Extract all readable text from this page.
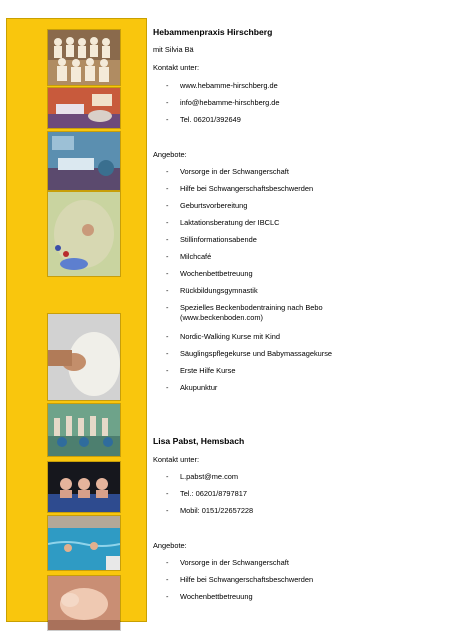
Hebammenpraxis Hirschberg
mit Silvia Bä
Kontakt unter:
- www.hebamme-hirschberg.de
- info@hebamme-hirschberg.de
- Tel. 06201/392649
Angebote:
- Vorsorge in der Schwangerschaft
- Hilfe bei Schwangerschaftsbeschwerden
- Geburtsvorbereitung
- Laktationsberatung der IBCLC
- Stillinformationsabende
- Milchcafé
- Wochenbettbetreuung
- Rückbildungsgymnastik
- Spezielles Beckenbodentraining nach Bebo (www.beckenboden.com)
- Nordic-Walking Kurse mit Kind
- Säuglingspflegekurse und Babymassagekurse
- Erste Hilfe Kurse
- Akupunktur
Lisa Pabst, Hemsbach
Kontakt unter:
- L.pabst@me.com
- Tel.: 06201/8797817
- Mobil: 0151/22657228
Angebote:
- Vorsorge in der Schwangerschaft
- Hilfe bei Schwangerschaftsbeschwerden
- Wochenbettbetreuung
